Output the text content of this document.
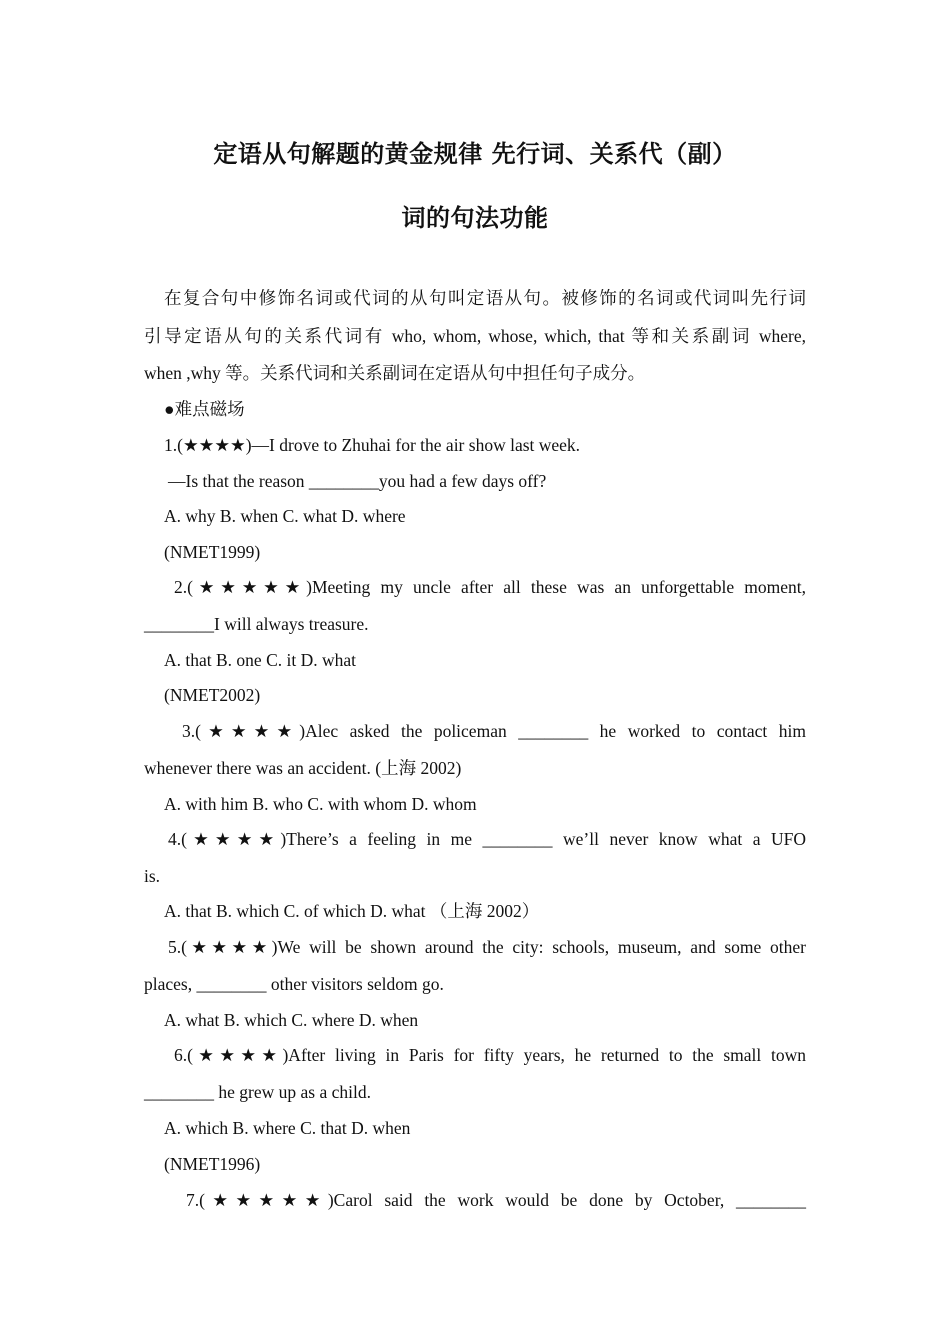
定语从句解题的黄金规律 先行词、关系代（副）
词的句法功能
在复合句中修饰名词或代词的从句叫定语从句。被修饰的名词或代词叫先行词
引导定语从句的关系代词有 who, whom, whose, which, that 等和关系副词 where,
when ,why 等。关系代词和关系副词在定语从句中担任句子成分。
●难点磁场
1.(★★★★)—I drove to Zhuhai for the air show last week.
—Is that the reason ________you had a few days off?
A. why B. when C. what D. where
(NMET1999)
2.(★★★★★)Meeting my uncle after all these was an unforgettable moment,
________I will always treasure.
A. that B. one C. it D. what
(NMET2002)
3.(★★★★)Alec asked the policeman ________ he worked to contact him
whenever there was an accident. (上海 2002)
A. with him B. who C. with whom D. whom
4.(★★★★)There’s a feeling in me ________ we’ll never know what a UFO
is.
A. that B. which C. of which D. what （上海 2002）
5.(★★★★)We will be shown around the city: schools, museum, and some other
places, ________ other visitors seldom go.
A. what B. which C. where D. when
6.(★★★★)After living in Paris for fifty years, he returned to the small town
________ he grew up as a child.
A. which B. where C. that D. when
(NMET1996)
7.(★★★★★)Carol said the work would be done by October, ________
